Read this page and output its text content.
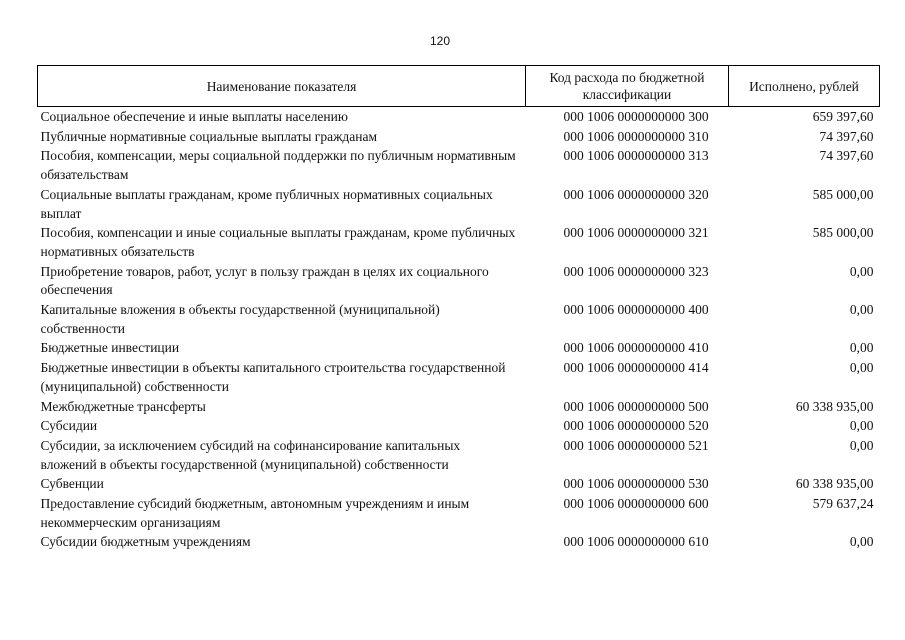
120
Наименование показателя	Код расхода по бюджетной классификации	Исполнено, рублей
Социальное обеспечение и иные выплаты населению	000 1006 0000000000 300	659 397,60
Публичные нормативные социальные выплаты гражданам	000 1006 0000000000 310	74 397,60
Пособия, компенсации, меры социальной поддержки по публичным нормативным обязательствам	000 1006 0000000000 313	74 397,60
Социальные выплаты гражданам, кроме публичных нормативных социальных выплат	000 1006 0000000000 320	585 000,00
Пособия, компенсации и иные социальные выплаты гражданам, кроме публичных нормативных обязательств	000 1006 0000000000 321	585 000,00
Приобретение товаров, работ, услуг в пользу граждан в целях их социального обеспечения	000 1006 0000000000 323	0,00
Капитальные вложения в объекты государственной (муниципальной) собственности	000 1006 0000000000 400	0,00
Бюджетные инвестиции	000 1006 0000000000 410	0,00
Бюджетные инвестиции в объекты капитального строительства государственной (муниципальной) собственности	000 1006 0000000000 414	0,00
Межбюджетные трансферты	000 1006 0000000000 500	60 338 935,00
Субсидии	000 1006 0000000000 520	0,00
Субсидии, за исключением субсидий на софинансирование капитальных вложений в объекты государственной (муниципальной) собственности	000 1006 0000000000 521	0,00
Субвенции	000 1006 0000000000 530	60 338 935,00
Предоставление субсидий бюджетным, автономным учреждениям и иным некоммерческим организациям	000 1006 0000000000 600	579 637,24
Субсидии бюджетным учреждениям	000 1006 0000000000 610	0,00
